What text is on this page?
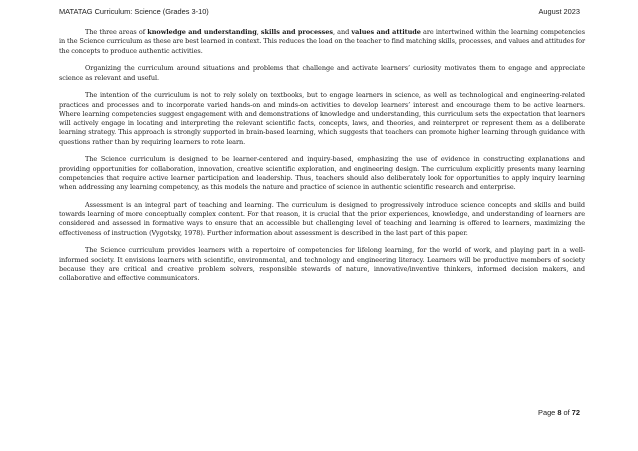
MATATAG Curriculum: Science (Grades 3-10)	August 2023

The three areas of knowledge and understanding, skills and processes, and values and attitude are intertwined within the learning competencies in the Science curriculum as these are best learned in context. This reduces the load on the teacher to find matching skills, processes, and values and attitudes for the concepts to produce authentic activities.

Organizing the curriculum around situations and problems that challenge and activate learners’ curiosity motivates them to engage and appreciate science as relevant and useful.

The intention of the curriculum is not to rely solely on textbooks, but to engage learners in science, as well as technological and engineering-related practices and processes and to incorporate varied hands-on and minds-on activities to develop learners’ interest and encourage them to be active learners. Where learning competencies suggest engagement with and demonstrations of knowledge and understanding, this curriculum sets the expectation that learners will actively engage in locating and interpreting the relevant scientific facts, concepts, laws, and theories, and reinterpret or represent them as a deliberate learning strategy. This approach is strongly supported in brain-based learning, which suggests that teachers can promote higher learning through guidance with questions rather than by requiring learners to rote learn.

The Science curriculum is designed to be learner-centered and inquiry-based, emphasizing the use of evidence in constructing explanations and providing opportunities for collaboration, innovation, creative scientific exploration, and engineering design. The curriculum explicitly presents many learning competencies that require active learner participation and leadership. Thus, teachers should also deliberately look for opportunities to apply inquiry learning when addressing any learning competency, as this models the nature and practice of science in authentic scientific research and enterprise.

Assessment is an integral part of teaching and learning. The curriculum is designed to progressively introduce science concepts and skills and build towards learning of more conceptually complex content. For that reason, it is crucial that the prior experiences, knowledge, and understanding of learners are considered and assessed in formative ways to ensure that an accessible but challenging level of teaching and learning is offered to learners, maximizing the effectiveness of instruction (Vygotsky, 1978). Further information about assessment is described in the last part of this paper.

The Science curriculum provides learners with a repertoire of competencies for lifelong learning, for the world of work, and playing part in a well-informed society. It envisions learners with scientific, environmental, and technology and engineering literacy. Learners will be productive members of society because they are critical and creative problem solvers, responsible stewards of nature, innovative/inventive thinkers, informed decision makers, and collaborative and effective communicators.

Page 8 of 72
